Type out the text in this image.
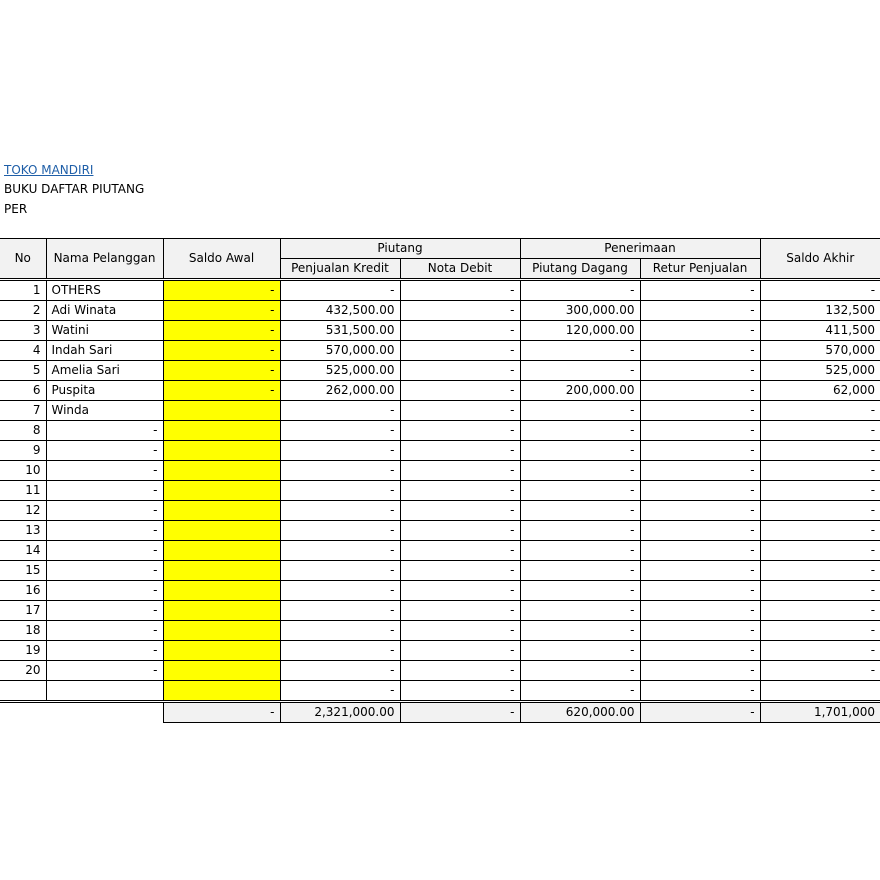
TOKO MANDIRI
BUKU DAFTAR PIUTANG
PER
No	Nama Pelanggan	Saldo Awal	Piutang		Penerimaan		Saldo Akhir
			Penjualan Kredit	Nota Debit	Piutang Dagang	Retur Penjualan	
1	OTHERS	-	-	-	-	-	-
2	Adi Winata	-	432,500.00	-	300,000.00	-	132,500
3	Watini	-	531,500.00	-	120,000.00	-	411,500
4	Indah Sari	-	570,000.00	-	-	-	570,000
5	Amelia Sari	-	525,000.00	-	-	-	525,000
6	Puspita	-	262,000.00	-	200,000.00	-	62,000
7	Winda		-	-	-	-	-
8	-		-	-	-	-	-
9	-		-	-	-	-	-
10	-		-	-	-	-	-
11	-		-	-	-	-	-
12	-		-	-	-	-	-
13	-		-	-	-	-	-
14	-		-	-	-	-	-
15	-		-	-	-	-	-
16	-		-	-	-	-	-
17	-		-	-	-	-	-
18	-		-	-	-	-	-
19	-		-	-	-	-	-
20	-		-	-	-	-	-
			-	-	-	-	
		-	2,321,000.00	-	620,000.00	-	1,701,000
